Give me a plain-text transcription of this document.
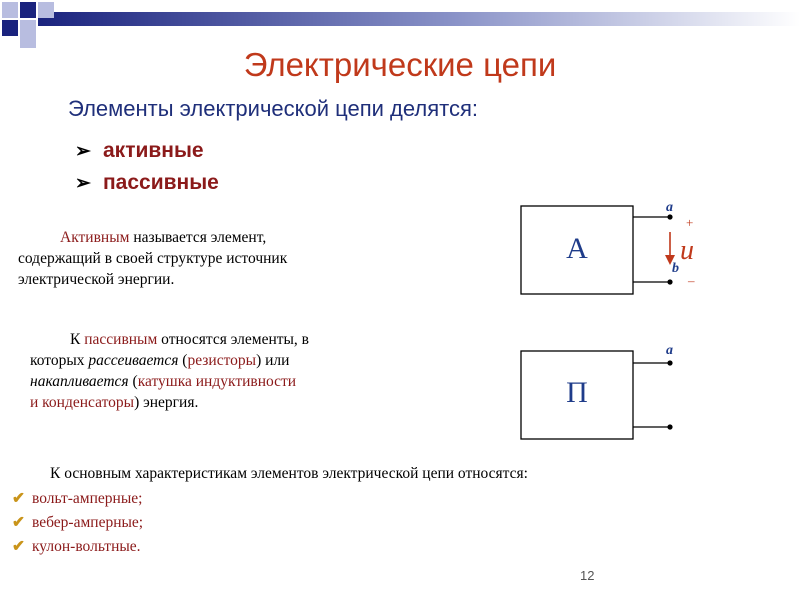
Электрические цепи
Элементы электрической цепи делятся:
➢ активные
➢ пассивные
Активным называется элемент,
содержащий в своей структуре источник
электрической энергии.
К пассивным относятся элементы, в
которых рассеивается (резисторы) или
накапливается (катушка индуктивности
и конденсаторы) энергия.
А
a
b
+
–
u
П
a
К основным характеристикам элементов электрической цепи относятся:
✔ вольт-амперные;
✔ вебер-амперные;
✔ кулон-вольтные.
12
